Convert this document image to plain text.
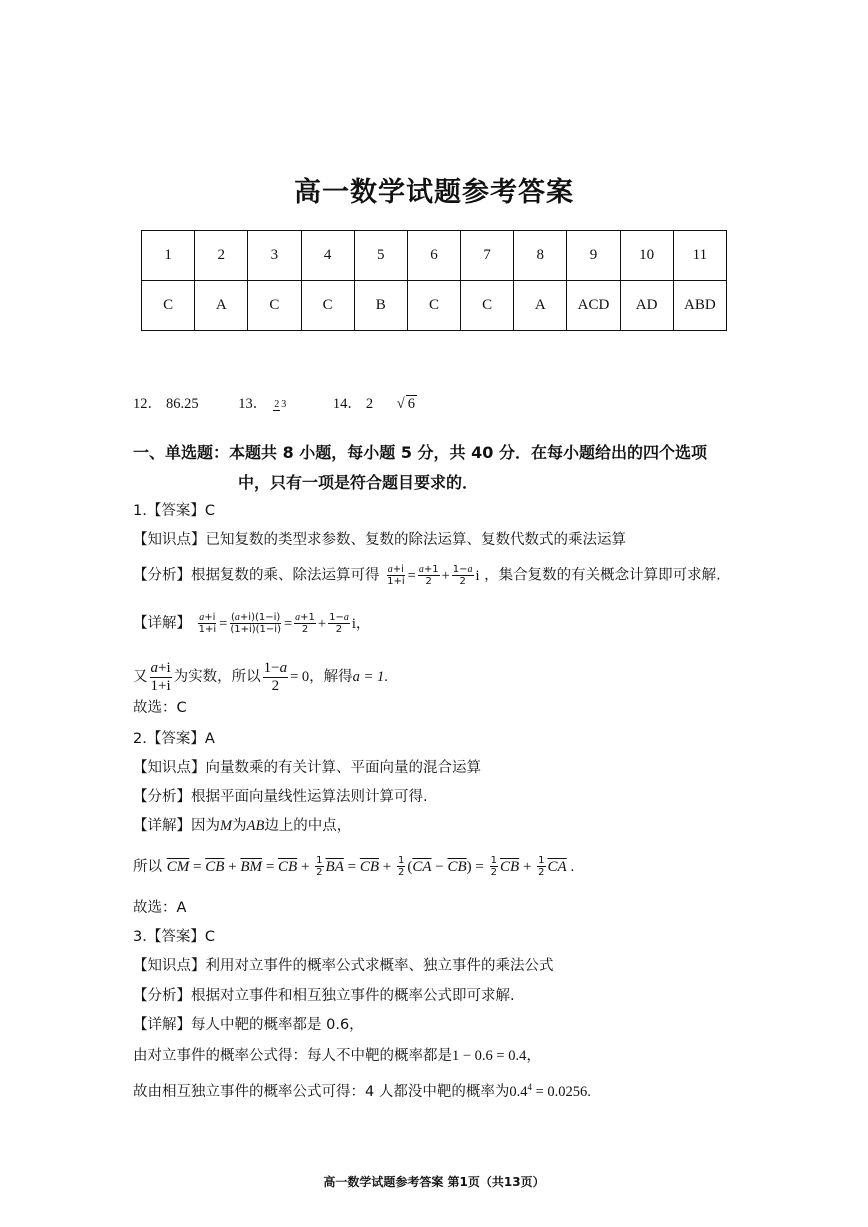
高一数学试题参考答案
1	2	3	4	5	6	7	8	9	10	11
C	A	C	C	B	C	C	A	ACD	AD	ABD
12． 86.25	13． 2 3	14． 2 √ 6
一、单选题：本题共 8 小题，每小题 5 分，共 40 分．在每小题给出的四个选项
中，只有一项是符合题目要求的．
1.【答案】C
【知识点】已知复数的类型求参数、复数的除法运算、复数代数式的乘法运算
【分析】根据复数的乘、除法运算可得 $\frac{a+i}{1+i} = \frac{a+1}{2} + \frac{1-a}{2}$ i ，集合复数的有关概念计算即可求解.
【详解】 $\frac{a+i}{1+i} = \frac{(a+i)(1-i)}{(1+i)(1-i)} = \frac{a+1}{2} + \frac{1-a}{2}$ i，
又 $\frac{a+i}{1+i}$ 为实数，所以 $\frac{1-a}{2} = 0$，解得a = 1.
故选：C
2.【答案】A
【知识点】向量数乘的有关计算、平面向量的混合运算
【分析】根据平面向量线性运算法则计算可得.
【详解】因为M为AB边上的中点，
所以 $\overline{CM} = \overline{CB} + \overline{BM} = \overline{CB} + \frac{1}{2} \overline{BA} = \overline{CB} + \frac{1}{2} (\overline{CA} - \overline{CB}) = \frac{1}{2} \overline{CB} + \frac{1}{2} \overline{CA}$ .
故选：A
3.【答案】C
【知识点】利用对立事件的概率公式求概率、独立事件的乘法公式
【分析】根据对立事件和相互独立事件的概率公式即可求解.
【详解】每人中靶的概率都是 0.6，
由对立事件的概率公式得：每人不中靶的概率都是1 − 0.6 = 0.4，
故由相互独立事件的概率公式可得：4 人都没中靶的概率为$0.4^4 = 0.0256$.
高一数学试题参考答案 第1页（共13页）
